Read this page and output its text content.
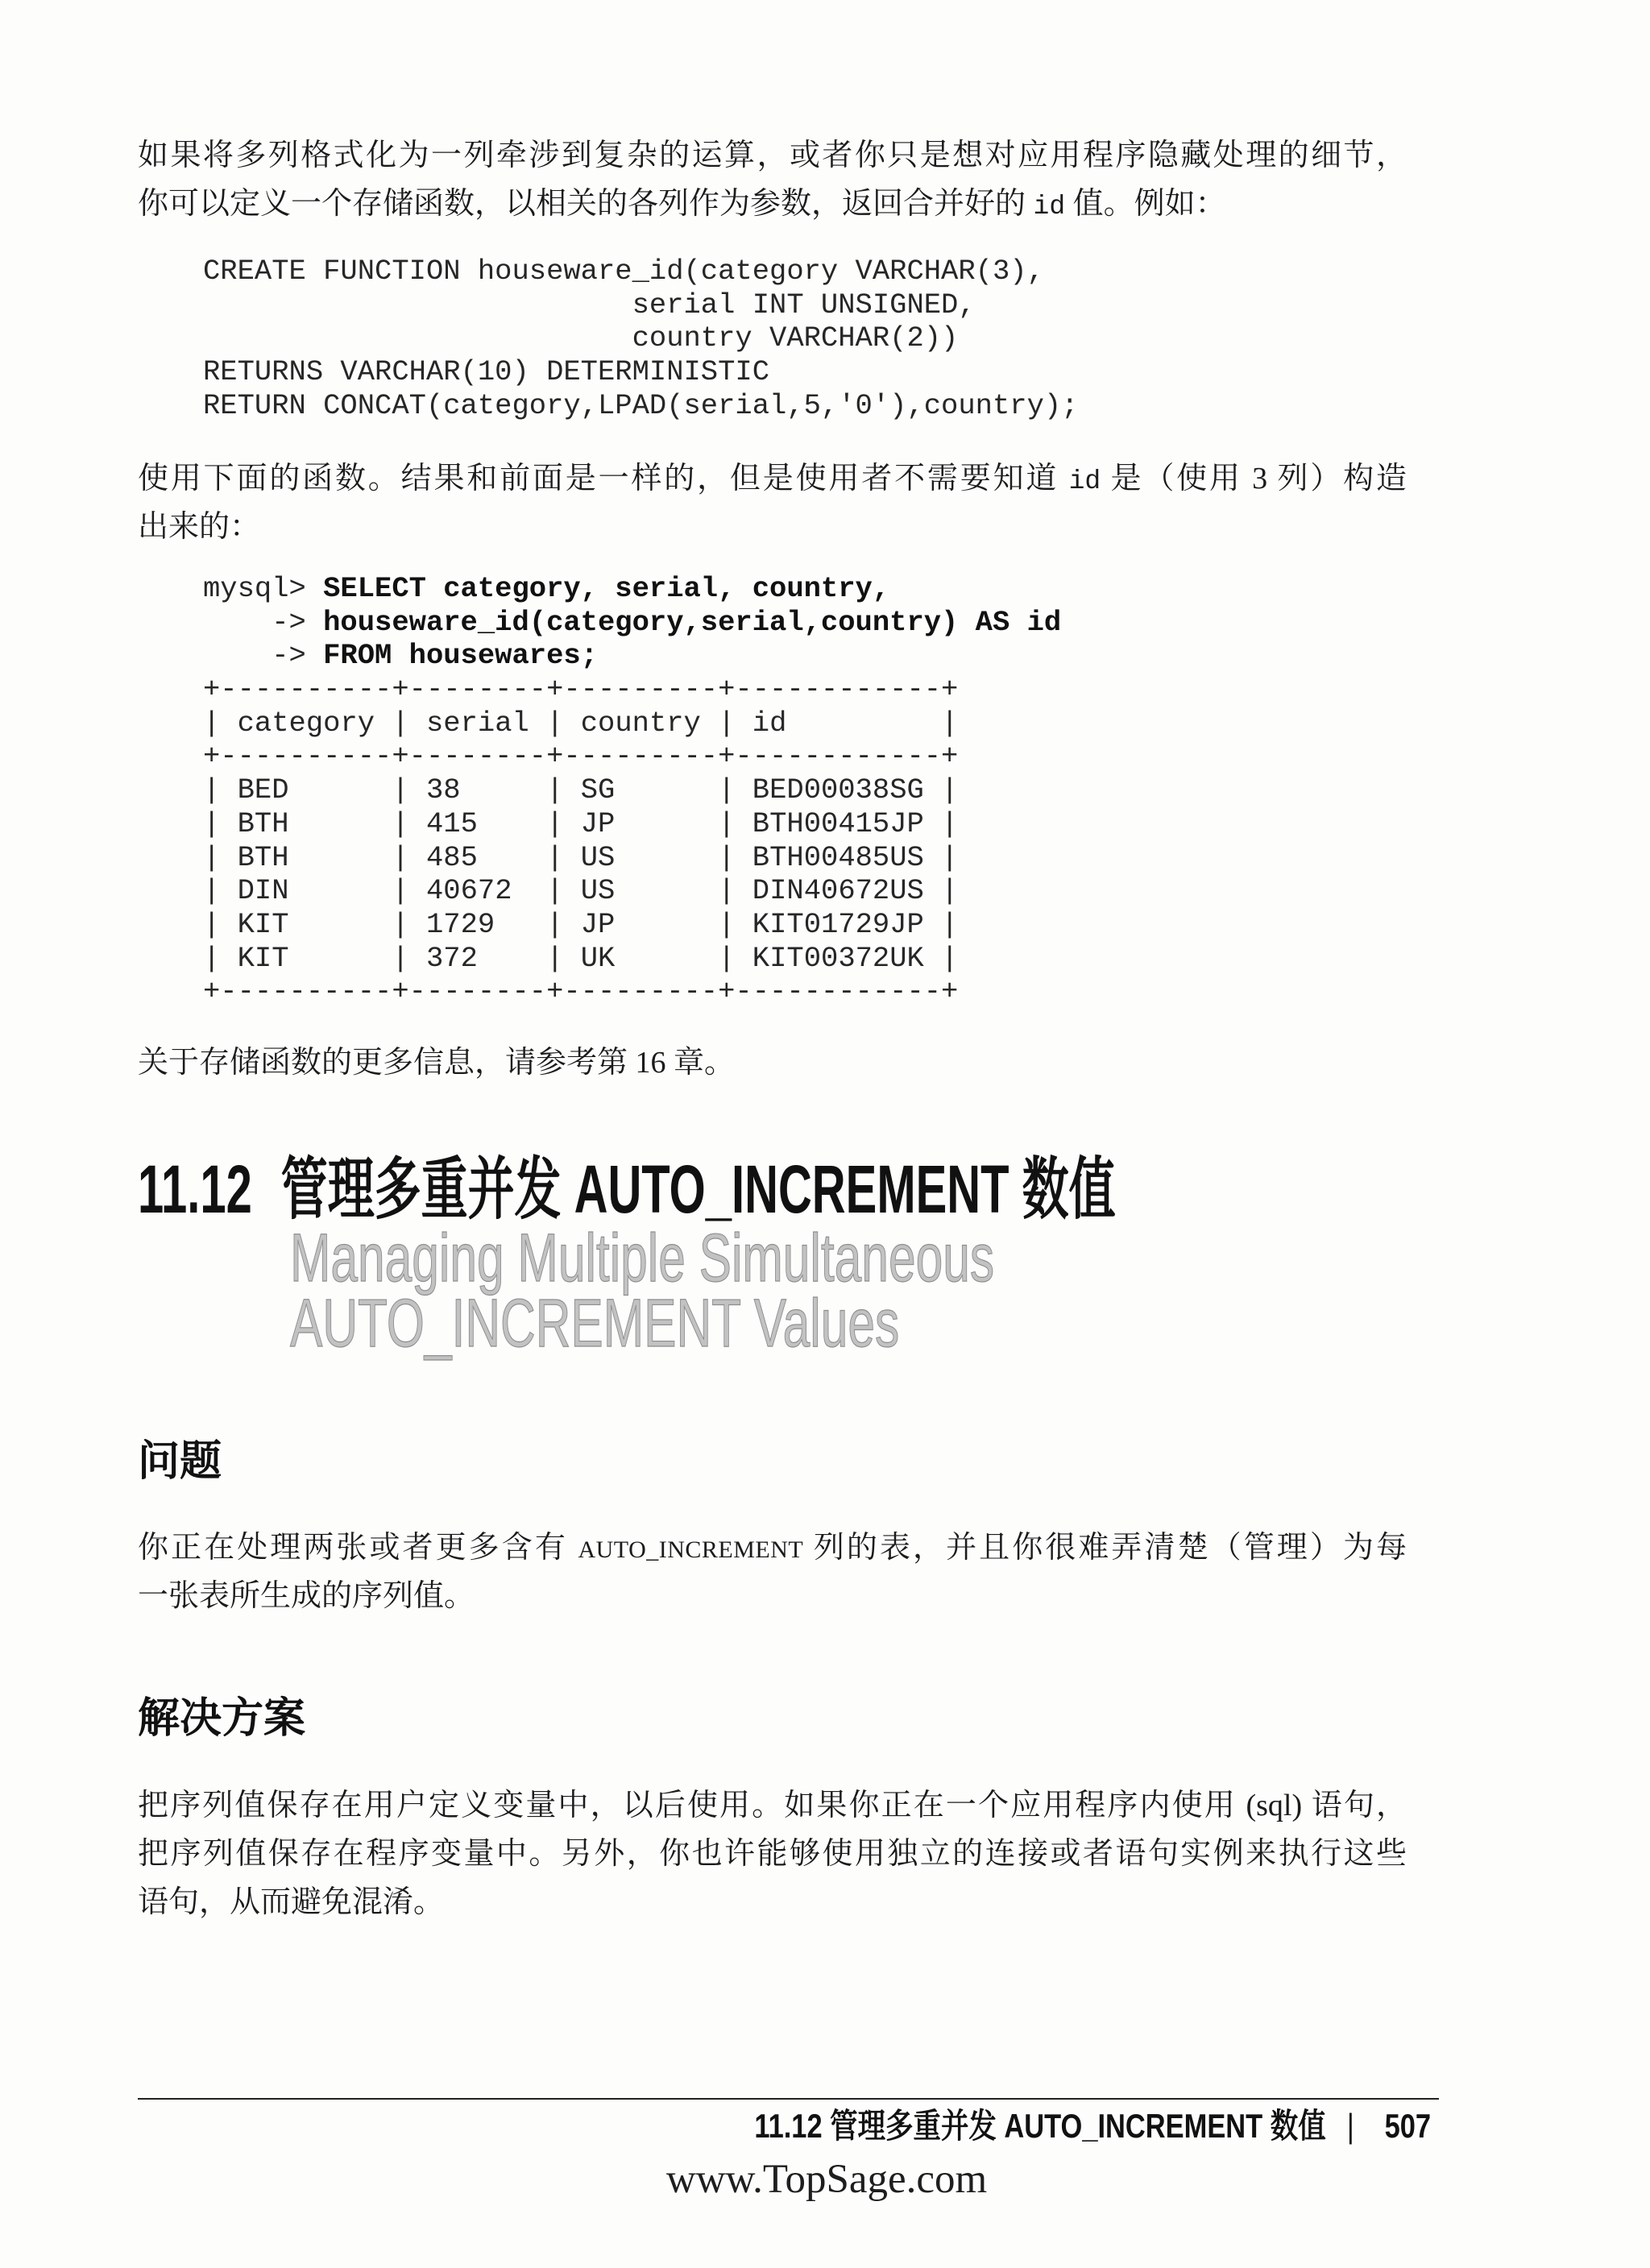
如果将多列格式化为一列牵涉到复杂的运算，或者你只是想对应用程序隐藏处理的细节，
你可以定义一个存储函数，以相关的各列作为参数，返回合并好的 id 值。例如：
CREATE FUNCTION houseware_id(category VARCHAR(3),
serial INT UNSIGNED,
country VARCHAR(2))
RETURNS VARCHAR(10) DETERMINISTIC
RETURN CONCAT(category,LPAD(serial,5,'0'),country);
使用下面的函数。结果和前面是一样的，但是使用者不需要知道 id 是（使用 3 列）构造
出来的：
mysql> SELECT category, serial, country,
-> houseware_id(category,serial,country) AS id
-> FROM housewares;
+----------+--------+---------+------------+
| category | serial | country | id         |
+----------+--------+---------+------------+
| BED      | 38     | SG      | BED00038SG |
| BTH      | 415    | JP      | BTH00415JP |
| BTH      | 485    | US      | BTH00485US |
| DIN      | 40672  | US      | DIN40672US |
| KIT      | 1729   | JP      | KIT01729JP |
| KIT      | 372    | UK      | KIT00372UK |
+----------+--------+---------+------------+
关于存储函数的更多信息，请参考第 16 章。
11.12 管理多重并发 AUTO_INCREMENT 数值
Managing Multiple Simultaneous
AUTO_INCREMENT Values
问题
你正在处理两张或者更多含有 AUTO_INCREMENT 列的表，并且你很难弄清楚（管理）为每
一张表所生成的序列值。
解决方案
把序列值保存在用户定义变量中，以后使用。如果你正在一个应用程序内使用 (sql) 语句，
把序列值保存在程序变量中。另外，你也许能够使用独立的连接或者语句实例来执行这些
语句，从而避免混淆。
11.12 管理多重并发 AUTO_INCREMENT 数值 | 507
www.TopSage.com
